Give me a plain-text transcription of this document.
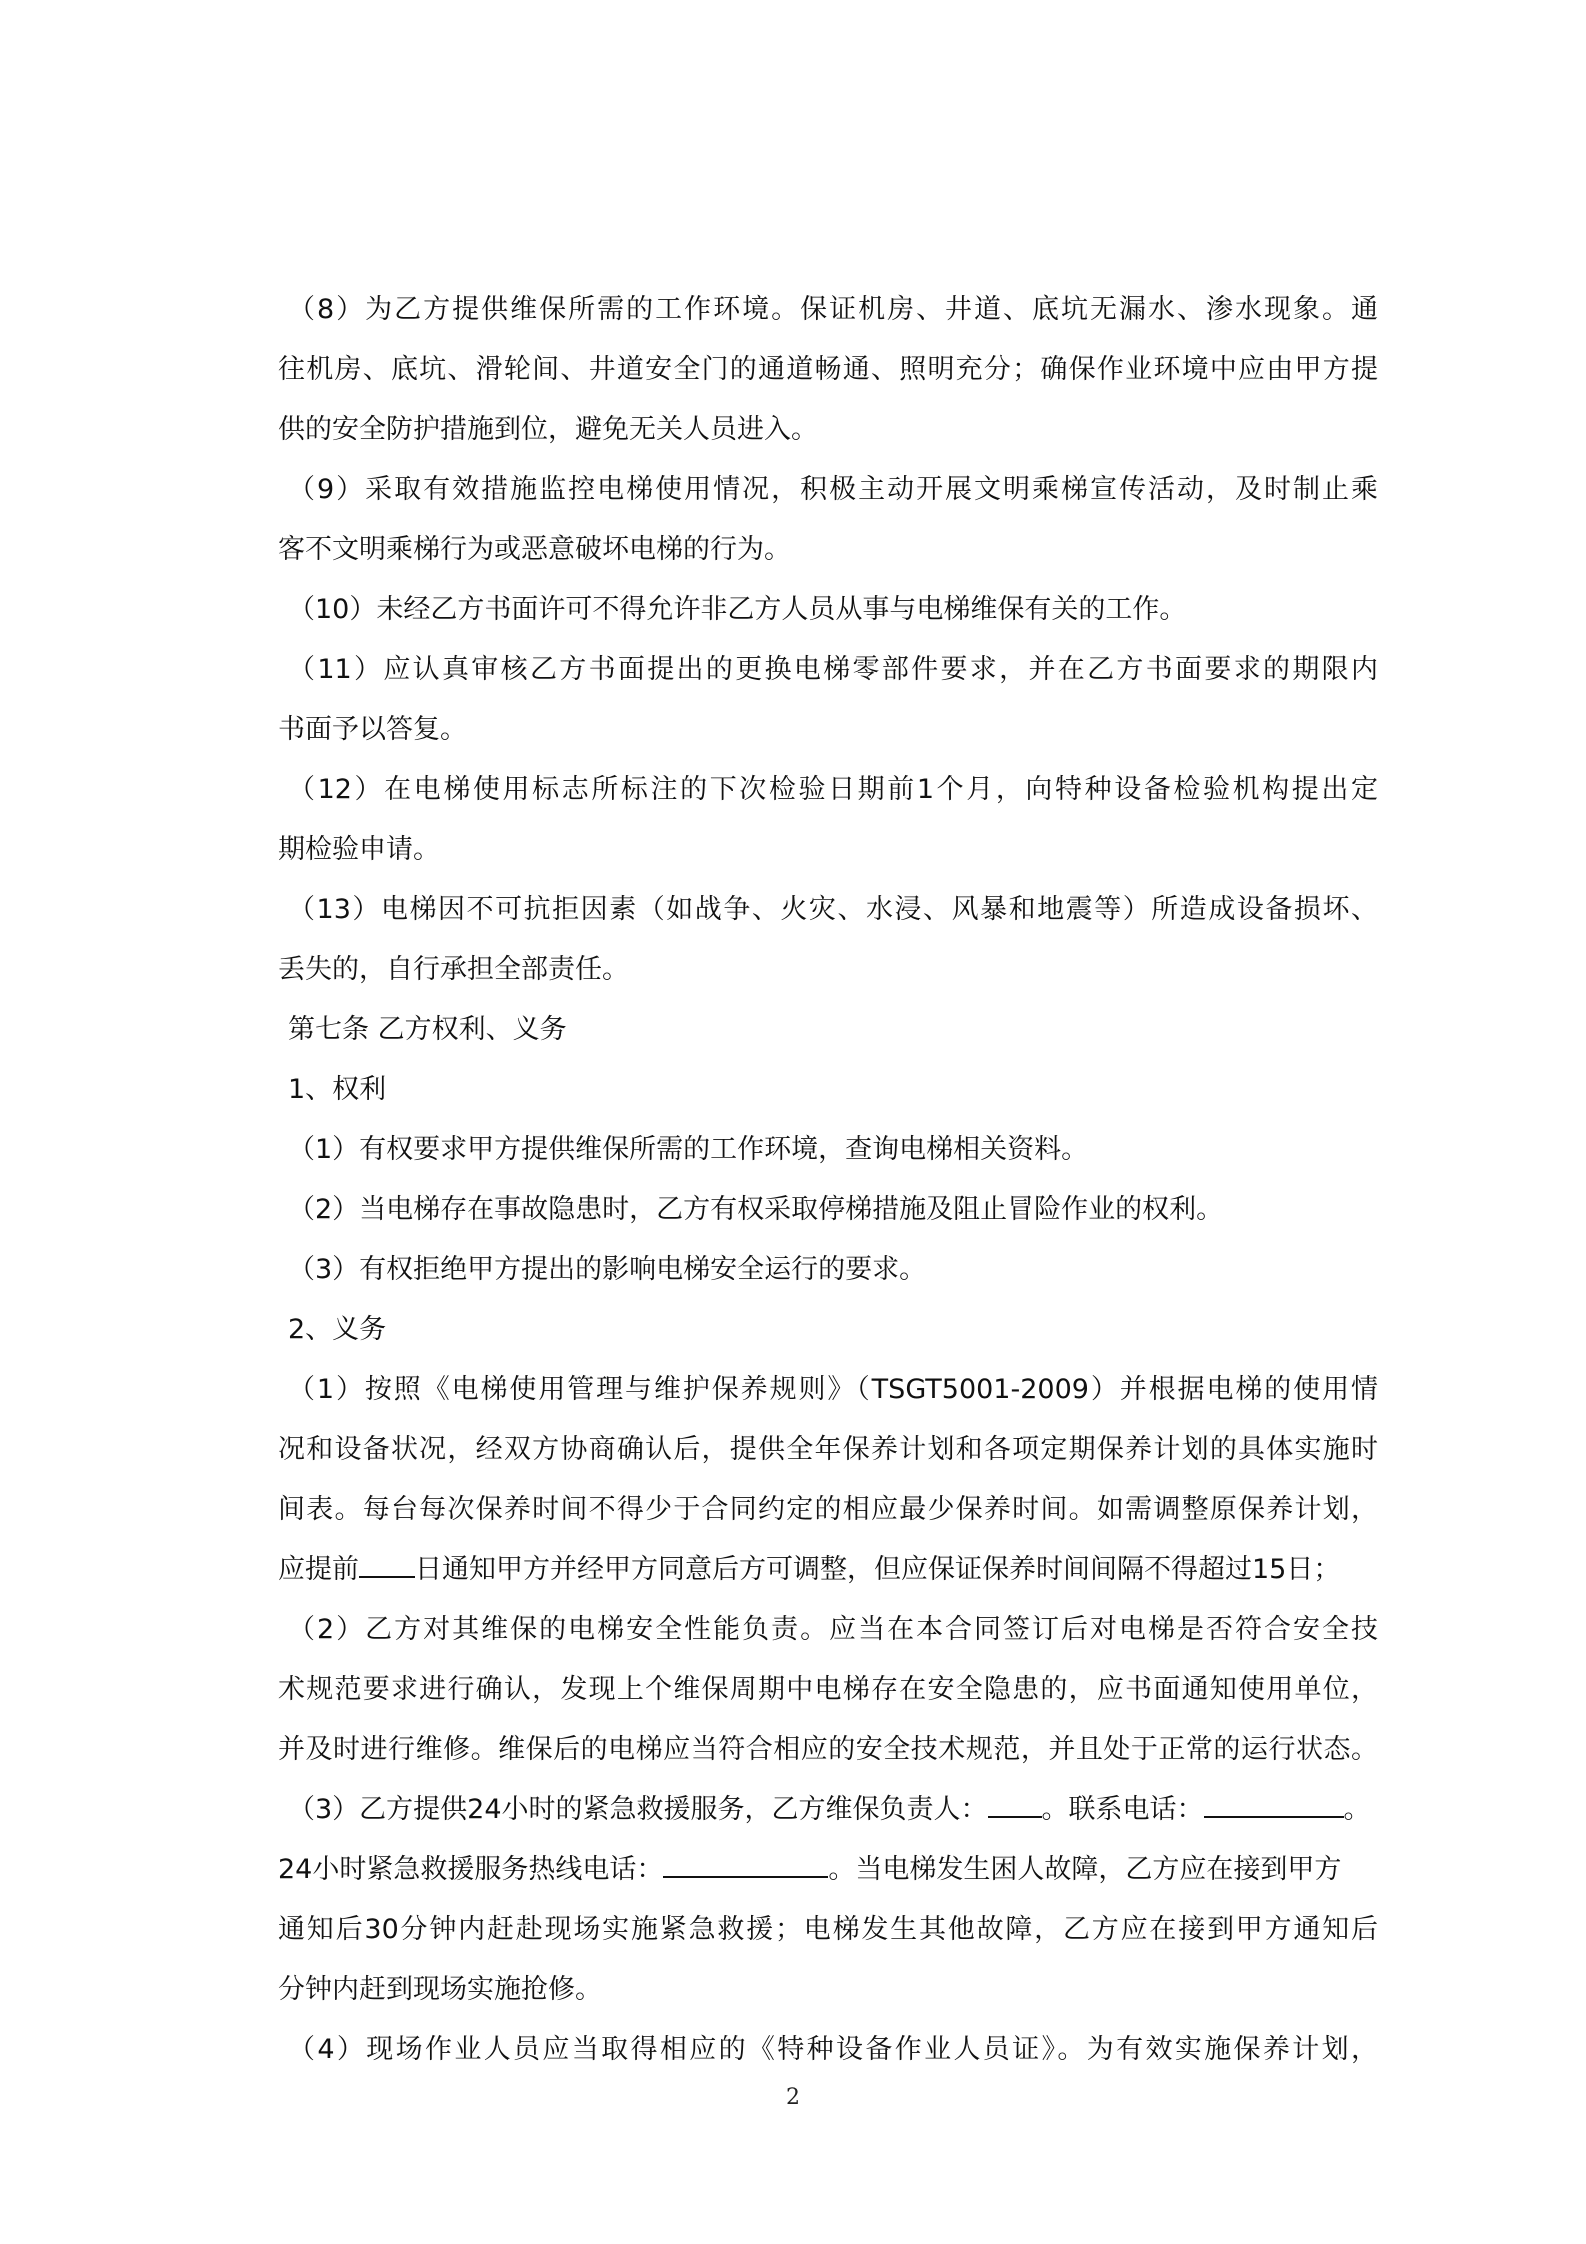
（8）为乙方提供维保所需的工作环境。保证机房、井道、底坑无漏水、渗水现象。通
往机房、底坑、滑轮间、井道安全门的通道畅通、照明充分；确保作业环境中应由甲方提
供的安全防护措施到位，避免无关人员进入。
（9）采取有效措施监控电梯使用情况，积极主动开展文明乘梯宣传活动，及时制止乘
客不文明乘梯行为或恶意破坏电梯的行为。
（10）未经乙方书面许可不得允许非乙方人员从事与电梯维保有关的工作。
（11）应认真审核乙方书面提出的更换电梯零部件要求，并在乙方书面要求的期限内
书面予以答复。
（12）在电梯使用标志所标注的下次检验日期前1个月，向特种设备检验机构提出定
期检验申请。
（13）电梯因不可抗拒因素（如战争、火灾、水浸、风暴和地震等）所造成设备损坏、
丢失的，自行承担全部责任。
第七条 乙方权利、义务
1、权利
（1）有权要求甲方提供维保所需的工作环境，查询电梯相关资料。
（2）当电梯存在事故隐患时，乙方有权采取停梯措施及阻止冒险作业的权利。
（3）有权拒绝甲方提出的影响电梯安全运行的要求。
2、义务
（1）按照《电梯使用管理与维护保养规则》（TSGT5001-2009）并根据电梯的使用情
况和设备状况，经双方协商确认后，提供全年保养计划和各项定期保养计划的具体实施时
间表。每台每次保养时间不得少于合同约定的相应最少保养时间。如需调整原保养计划，
应提前 日通知甲方并经甲方同意后方可调整，但应保证保养时间间隔不得超过15日；
（2）乙方对其维保的电梯安全性能负责。应当在本合同签订后对电梯是否符合安全技
术规范要求进行确认，发现上个维保周期中电梯存在安全隐患的，应书面通知使用单位，
并及时进行维修。维保后的电梯应当符合相应的安全技术规范，并且处于正常的运行状态。
（3）乙方提供24小时的紧急救援服务，乙方维保负责人： 。联系电话：	。
24小时紧急救援服务热线电话：	。当电梯发生困人故障，乙方应在接到甲方
通知后30分钟内赶赴现场实施紧急救援；电梯发生其他故障，乙方应在接到甲方通知后
分钟内赶到现场实施抢修。
（4）现场作业人员应当取得相应的《特种设备作业人员证》。为有效实施保养计划，
2
